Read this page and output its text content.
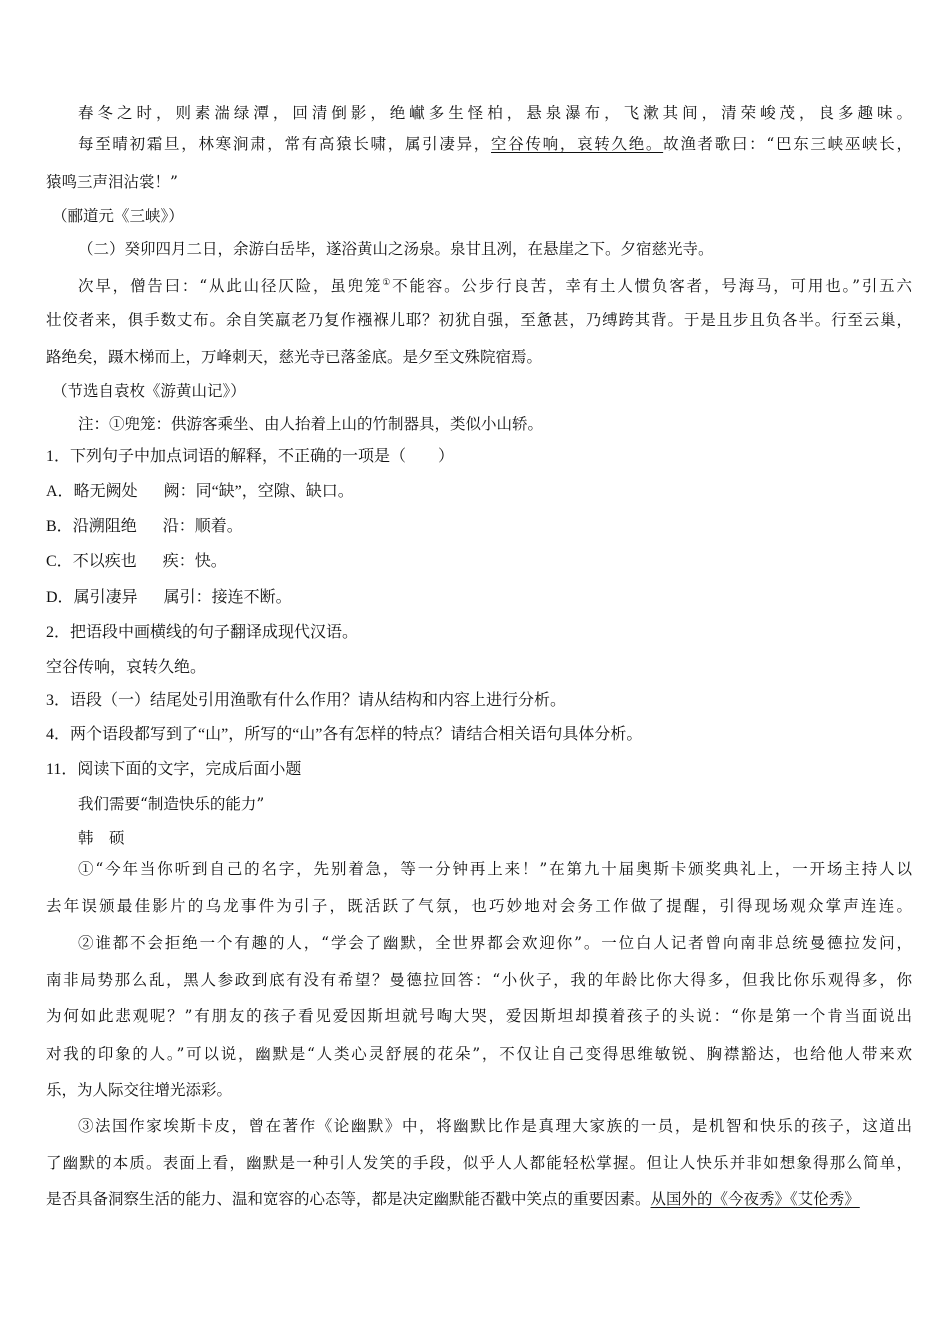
春冬之时，则素湍绿潭，回清倒影，绝𪩘多生怪柏，悬泉瀑布，飞漱其间，清荣峻茂，良多趣味。
每至晴初霜旦，林寒涧肃，常有高猿长啸，属引凄异，空谷传响，哀转久绝。故渔者歌曰：“巴东三峡巫峡长，
猿鸣三声泪沾裳！”
（郦道元《三峡》）
（二）癸卯四月二日，余游白岳毕，遂浴黄山之汤泉。泉甘且冽，在悬崖之下。夕宿慈光寺。
次早，僧告曰：“从此山径仄险，虽兜笼①不能容。公步行良苦，幸有土人惯负客者，号海马，可用也。”引五六
壮佼者来，俱手数丈布。余自笑羸老乃复作襁褓儿耶？初犹自强，至惫甚，乃缚跨其背。于是且步且负各半。行至云巢，
路绝矣，蹑木梯而上，万峰刺天，慈光寺已落釜底。是夕至文殊院宿焉。
（节选自袁枚《游黄山记》）
注：①兜笼：供游客乘坐、由人抬着上山的竹制器具，类似小山轿。
1．下列句子中加点词语的解释，不正确的一项是（　　）
A．略无阙处 阙：同“缺”，空隙、缺口。
B．沿溯阻绝 沿：顺着。
C．不以疾也 疾：快。
D．属引凄异 属引：接连不断。
2．把语段中画横线的句子翻译成现代汉语。
空谷传响，哀转久绝。
3．语段（一）结尾处引用渔歌有什么作用？请从结构和内容上进行分析。
4．两个语段都写到了“山”，所写的“山”各有怎样的特点？请结合相关语句具体分析。
11．阅读下面的文字，完成后面小题
我们需要“制造快乐的能力”
韩　硕
①“今年当你听到自己的名字，先别着急，等一分钟再上来！”在第九十届奥斯卡颁奖典礼上，一开场主持人以
去年误颁最佳影片的乌龙事件为引子，既活跃了气氛，也巧妙地对会务工作做了提醒，引得现场观众掌声连连。
②谁都不会拒绝一个有趣的人，“学会了幽默，全世界都会欢迎你”。一位白人记者曾向南非总统曼德拉发问，
南非局势那么乱，黑人参政到底有没有希望？曼德拉回答：“小伙子，我的年龄比你大得多，但我比你乐观得多，你
为何如此悲观呢？”有朋友的孩子看见爱因斯坦就号啕大哭，爱因斯坦却摸着孩子的头说：“你是第一个肯当面说出
对我的印象的人。”可以说，幽默是“人类心灵舒展的花朵”，不仅让自己变得思维敏锐、胸襟豁达，也给他人带来欢
乐，为人际交往增光添彩。
③法国作家埃斯卡皮，曾在著作《论幽默》中，将幽默比作是真理大家族的一员，是机智和快乐的孩子，这道出
了幽默的本质。表面上看，幽默是一种引人发笑的手段，似乎人人都能轻松掌握。但让人快乐并非如想象得那么简单，
是否具备洞察生活的能力、温和宽容的心态等，都是决定幽默能否戳中笑点的重要因素。从国外的《今夜秀》《艾伦秀》
